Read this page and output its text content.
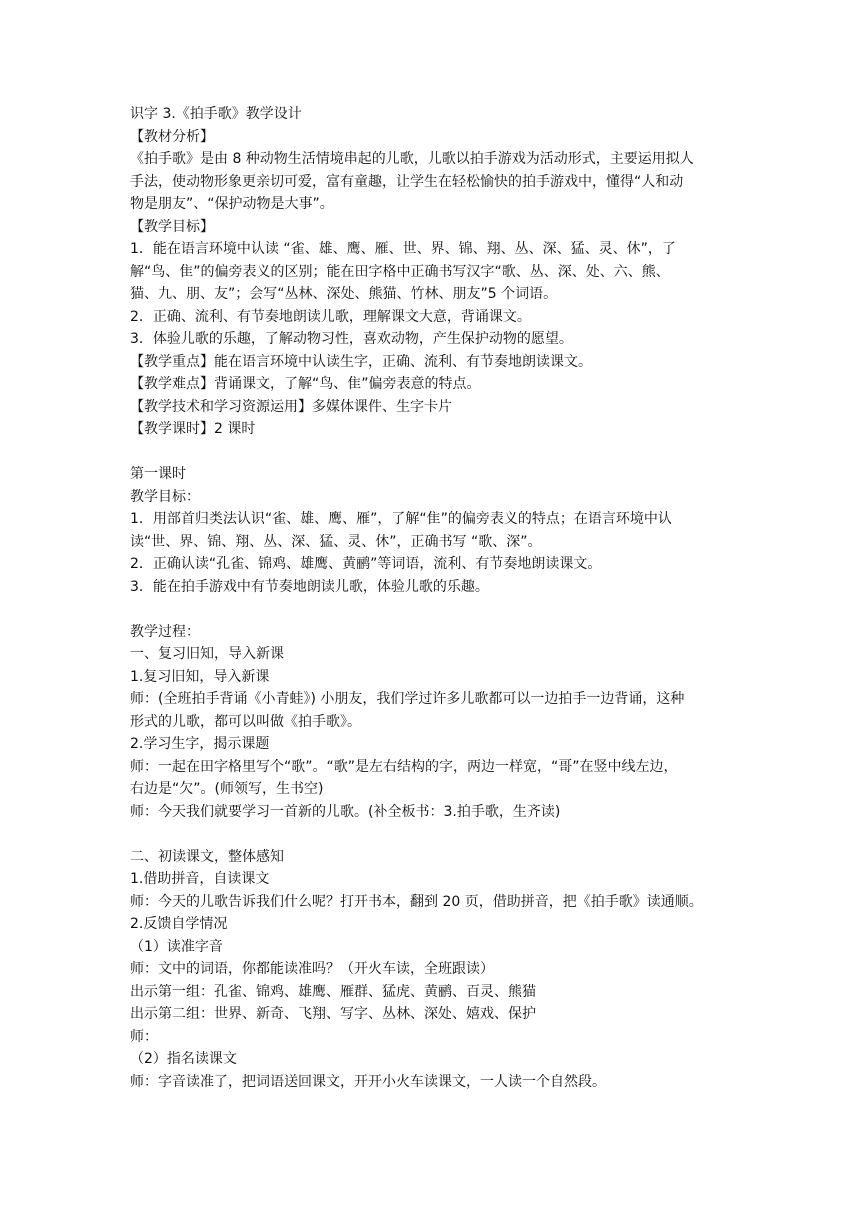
识字 3.《拍手歌》教学设计
【教材分析】
《拍手歌》是由 8 种动物生活情境串起的儿歌，儿歌以拍手游戏为活动形式，主要运用拟人
手法，使动物形象更亲切可爱，富有童趣，让学生在轻松愉快的拍手游戏中，懂得“人和动
物是朋友”、“保护动物是大事”。
【教学目标】
1．能在语言环境中认读 “雀、雄、鹰、雁、世、界、锦、翔、丛、深、猛、灵、休”，了
解“鸟、隹”的偏旁表义的区别；能在田字格中正确书写汉字“歌、丛、深、处、六、熊、
猫、九、朋、友”；会写“丛林、深处、熊猫、竹林、朋友”5 个词语。
2．正确、流利、有节奏地朗读儿歌，理解课文大意，背诵课文。
3．体验儿歌的乐趣，了解动物习性，喜欢动物，产生保护动物的愿望。
【教学重点】能在语言环境中认读生字，正确、流利、有节奏地朗读课文。
【教学难点】背诵课文，了解“鸟、隹”偏旁表意的特点。
【教学技术和学习资源运用】多媒体课件、生字卡片
【教学课时】2 课时
第一课时
教学目标：
1．用部首归类法认识“雀、雄、鹰、雁”，了解“隹”的偏旁表义的特点；在语言环境中认
读“世、界、锦、翔、丛、深、猛、灵、休”，正确书写 “歌、深”。
2．正确认读“孔雀、锦鸡、雄鹰、黄鹂”等词语，流利、有节奏地朗读课文。
3．能在拍手游戏中有节奏地朗读儿歌，体验儿歌的乐趣。
教学过程：
一、复习旧知，导入新课
1.复习旧知，导入新课
师：(全班拍手背诵《小青蛙》) 小朋友，我们学过许多儿歌都可以一边拍手一边背诵，这种
形式的儿歌，都可以叫做《拍手歌》。
2.学习生字，揭示课题
师：一起在田字格里写个“歌”。“歌”是左右结构的字，两边一样宽，“哥”在竖中线左边，
右边是“欠”。(师领写，生书空)
师：今天我们就要学习一首新的儿歌。(补全板书：3.拍手歌，生齐读)
二、初读课文，整体感知
1.借助拼音，自读课文
师：今天的儿歌告诉我们什么呢？打开书本，翻到 20 页，借助拼音，把《拍手歌》读通顺。
2.反馈自学情况
（1）读准字音
师：文中的词语，你都能读准吗？（开火车读，全班跟读）
出示第一组：孔雀、锦鸡、雄鹰、雁群、猛虎、黄鹂、百灵、熊猫
出示第二组：世界、新奇、飞翔、写字、丛林、深处、嬉戏、保护
师：
（2）指名读课文
师：字音读准了，把词语送回课文，开开小火车读课文，一人读一个自然段。
